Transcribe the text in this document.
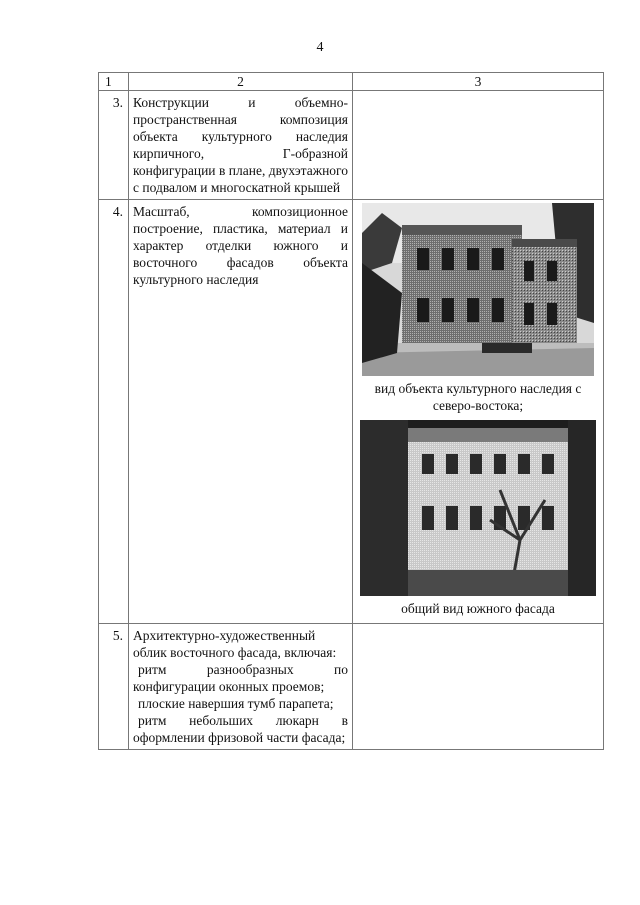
4
1	2	3
3.	Конструкции и объемно-пространственная композиция объекта культурного наследия кирпичного, Г-образной конфигурации в плане, двухэтажного с подвалом и многоскатной крышей	

4.	Масштаб, композиционное построение, пластика, материал и характер отделки южного и восточного фасадов объекта культурного наследия	вид объекта культурного наследия с северо-востока;
общий вид южного фасада

5.	Архитектурно-художественный облик восточного фасада, включая:

ритм разнообразных по конфигурации оконных проемов;

плоские навершия тумб парапета;

ритм небольших люкарн в оформлении фризовой части фасада;	
